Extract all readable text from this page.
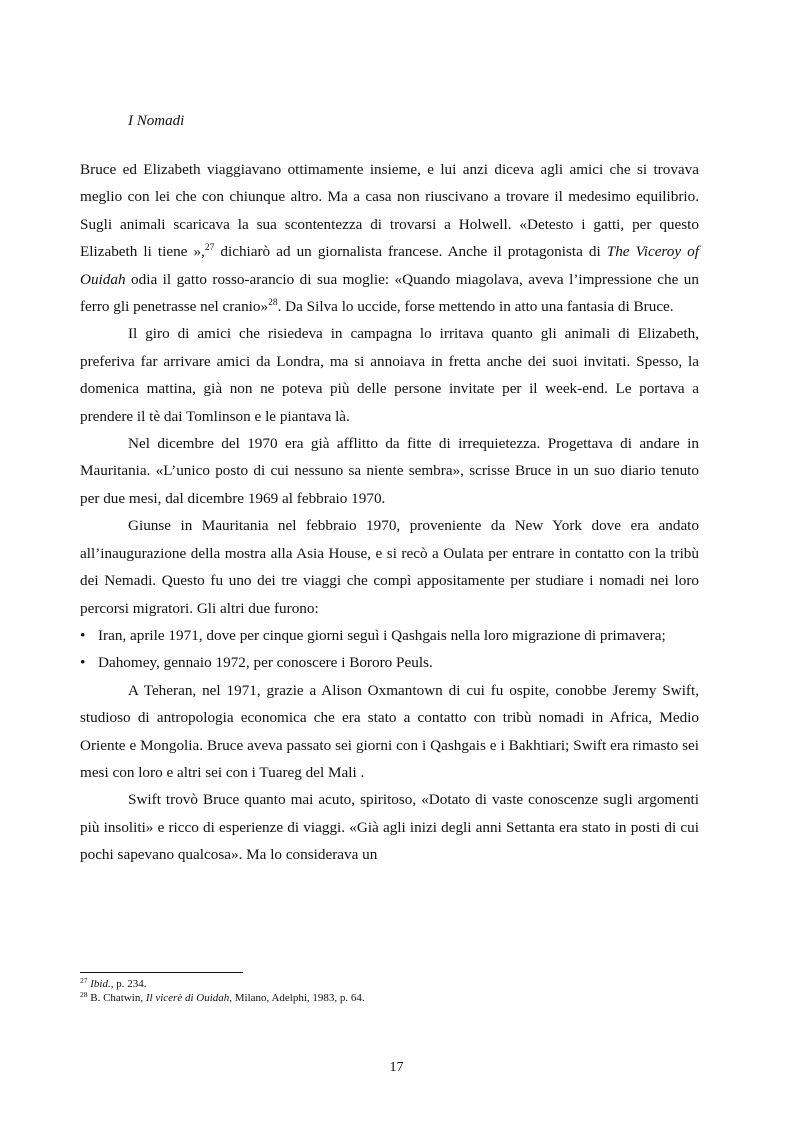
I Nomadi

Bruce ed Elizabeth viaggiavano ottimamente insieme, e lui anzi diceva agli amici che si trovava meglio con lei che con chiunque altro. Ma a casa non riuscivano a trovare il medesimo equilibrio. Sugli animali scaricava la sua scontentezza di trovarsi a Holwell. «Detesto i gatti, per questo Elizabeth li tiene »,$^{27}$ dichiarò ad un giornalista francese. Anche il protagonista di The Viceroy of Ouidah odia il gatto rosso-arancio di sua moglie: «Quando miagolava, aveva l’impressione che un ferro gli penetrasse nel cranio»$^{28}$. Da Silva lo uccide, forse mettendo in atto una fantasia di Bruce.

Il giro di amici che risiedeva in campagna lo irritava quanto gli animali di Elizabeth, preferiva far arrivare amici da Londra, ma si annoiava in fretta anche dei suoi invitati. Spesso, la domenica mattina, già non ne poteva più delle persone invitate per il week-end. Le portava a prendere il tè dai Tomlinson e le piantava là.

Nel dicembre del 1970 era già afflitto da fitte di irrequietezza. Progettava di andare in Mauritania. «L’unico posto di cui nessuno sa niente sembra», scrisse Bruce in un suo diario tenuto per due mesi, dal dicembre 1969 al febbraio 1970.

Giunse in Mauritania nel febbraio 1970, proveniente da New York dove era andato all’inaugurazione della mostra alla Asia House, e si recò a Oulata per entrare in contatto con la tribù dei Nemadi. Questo fu uno dei tre viaggi che compì appositamente per studiare i nomadi nei loro percorsi migratori. Gli altri due furono:

• Iran, aprile 1971, dove per cinque giorni seguì i Qashgais nella loro migrazione di primavera;
• Dahomey, gennaio 1972, per conoscere i Bororo Peuls.

A Teheran, nel 1971, grazie a Alison Oxmantown di cui fu ospite, conobbe Jeremy Swift, studioso di antropologia economica che era stato a contatto con tribù nomadi in Africa, Medio Oriente e Mongolia. Bruce aveva passato sei giorni con i Qashgais e i Bakhtiari; Swift era rimasto sei mesi con loro e altri sei con i Tuareg del Mali .

Swift trovò Bruce quanto mai acuto, spiritoso, «Dotato di vaste conoscenze sugli argomenti più insoliti» e ricco di esperienze di viaggi. «Già agli inizi degli anni Settanta era stato in posti di cui pochi sapevano qualcosa». Ma lo considerava un

$^{27}$ Ibid., p. 234.
$^{28}$ B. Chatwin, Il vicerè di Ouidah, Milano, Adelphi, 1983, p. 64.
17
